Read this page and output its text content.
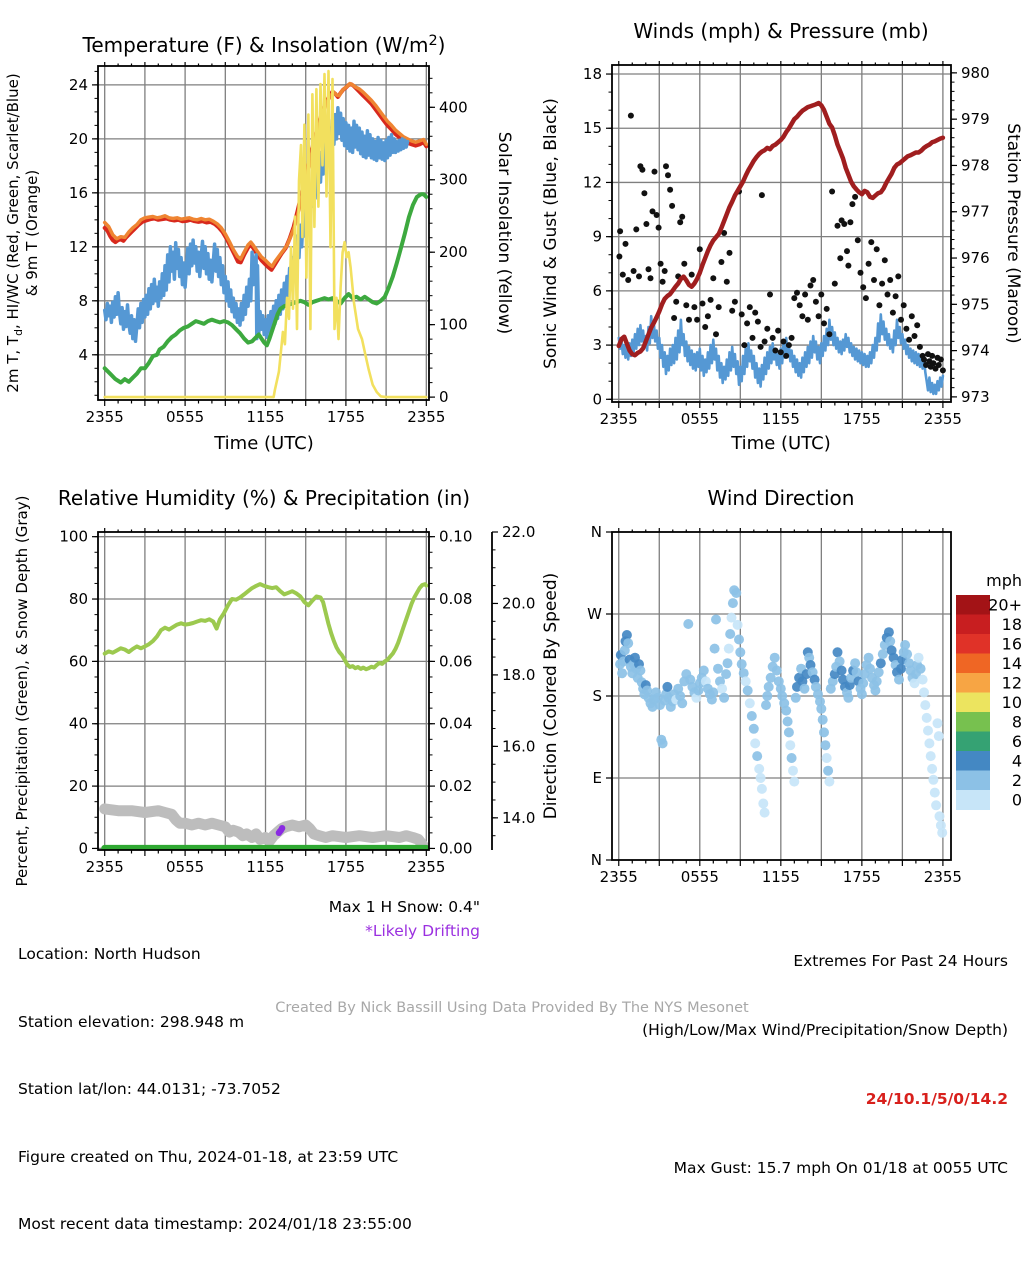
2355	0555	1155	1755	2355
4
8
12
16
20
24
2m T, $T_d$, HI/WC (Red, Green, Scarlet/Blue)& 9m T (Orange)
0
100
200
300
400
Solar Insolation (Yellow)
Temperature (F) & Insolation $(W/m^2)$
Time (UTC)
2355	0555	1155	1755	2355
0
3
6
9
12
15
18
Sonic Wind & Gust (Blue, Black)
973
974
975
976
977
978
979
980
Station Pressure (Maroon)
Winds (mph) & Pressure (mb)
Time (UTC)
2355	0555	1155	1755	2355
0
20
40
60
80
100
Percent, Precipitation (Green), & Snow Depth (Gray)	0.00
0.02
0.04
0.06
0.08
0.10
14.0
16.0
18.0
20.0
22.0
Relative Humidity (%) & Precipitation (in)
2355	0555	1155	1755	2355
N
W
S
E
N
Direction (Colored By Speed)
Wind Direction
mph
20+
18
16
14
12
10
8
6
4
2
0

Location: North Hudson

Station elevation: 298.948 m

Station lat/lon: 44.0131; -73.7052

Figure created on Thu, 2024-01-18, at 23:59 UTC

Most recent data timestamp: 2024/01/18 23:55:00

Max 1 H Snow: 0.4"
*Likely Drifting

Extremes For Past 24 Hours

(High/Low/Max Wind/Precipitation/Snow Depth)

24/10.1/5/0/14.2

Max Gust: 15.7 mph On 01/18 at 0055 UTC

Created By Nick Bassill Using Data Provided By The NYS Mesonet
